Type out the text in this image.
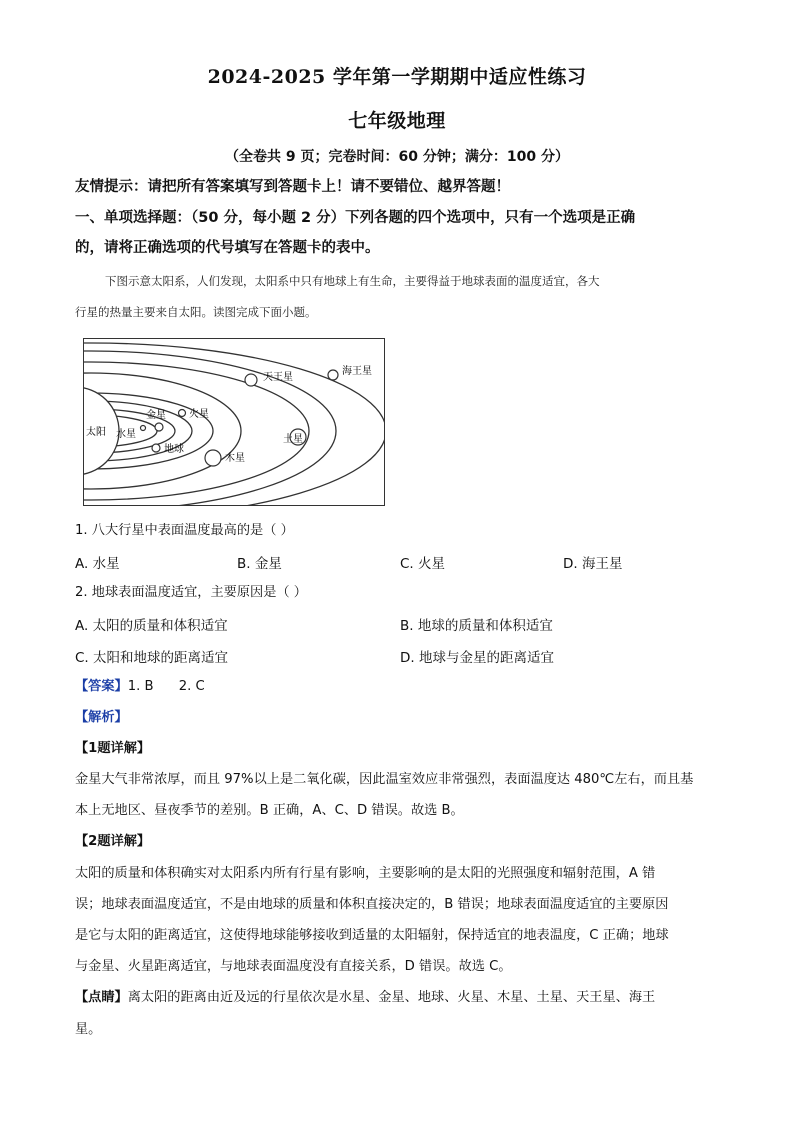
2024-2025 学年第一学期期中适应性练习
七年级地理
（全卷共 9 页；完卷时间：60 分钟；满分：100 分）
友情提示：请把所有答案填写到答题卡上！请不要错位、越界答题！
一、单项选择题：（50 分，每小题 2 分）下列各题的四个选项中，只有一个选项是正确
的，请将正确选项的代号填写在答题卡的表中。
下图示意太阳系，人们发现，太阳系中只有地球上有生命，主要得益于地球表面的温度适宜，各大
行星的热量主要来自太阳。读图完成下面小题。
太阳 水星
金星
地球
火星
木星
土星
天王星
海王星
1. 八大行星中表面温度最高的是（ ）
A. 水星	B. 金星	C. 火星	D. 海王星
2. 地球表面温度适宜，主要原因是（ ）
A. 太阳的质量和体积适宜	B. 地球的质量和体积适宜
C. 太阳和地球的距离适宜	D. 地球与金星的距离适宜
【答案】1. B      2. C
【解析】
【1题详解】
金星大气非常浓厚，而且 97%以上是二氧化碳，因此温室效应非常强烈，表面温度达 480℃左右，而且基
本上无地区、昼夜季节的差别。B 正确，A、C、D 错误。故选 B。
【2题详解】
太阳的质量和体积确实对太阳系内所有行星有影响，主要影响的是太阳的光照强度和辐射范围，A 错
误；地球表面温度适宜，不是由地球的质量和体积直接决定的，B 错误；地球表面温度适宜的主要原因
是它与太阳的距离适宜，这使得地球能够接收到适量的太阳辐射，保持适宜的地表温度，C 正确；地球
与金星、火星距离适宜，与地球表面温度没有直接关系，D 错误。故选 C。
【点睛】离太阳的距离由近及远的行星依次是水星、金星、地球、火星、木星、土星、天王星、海王
星。
